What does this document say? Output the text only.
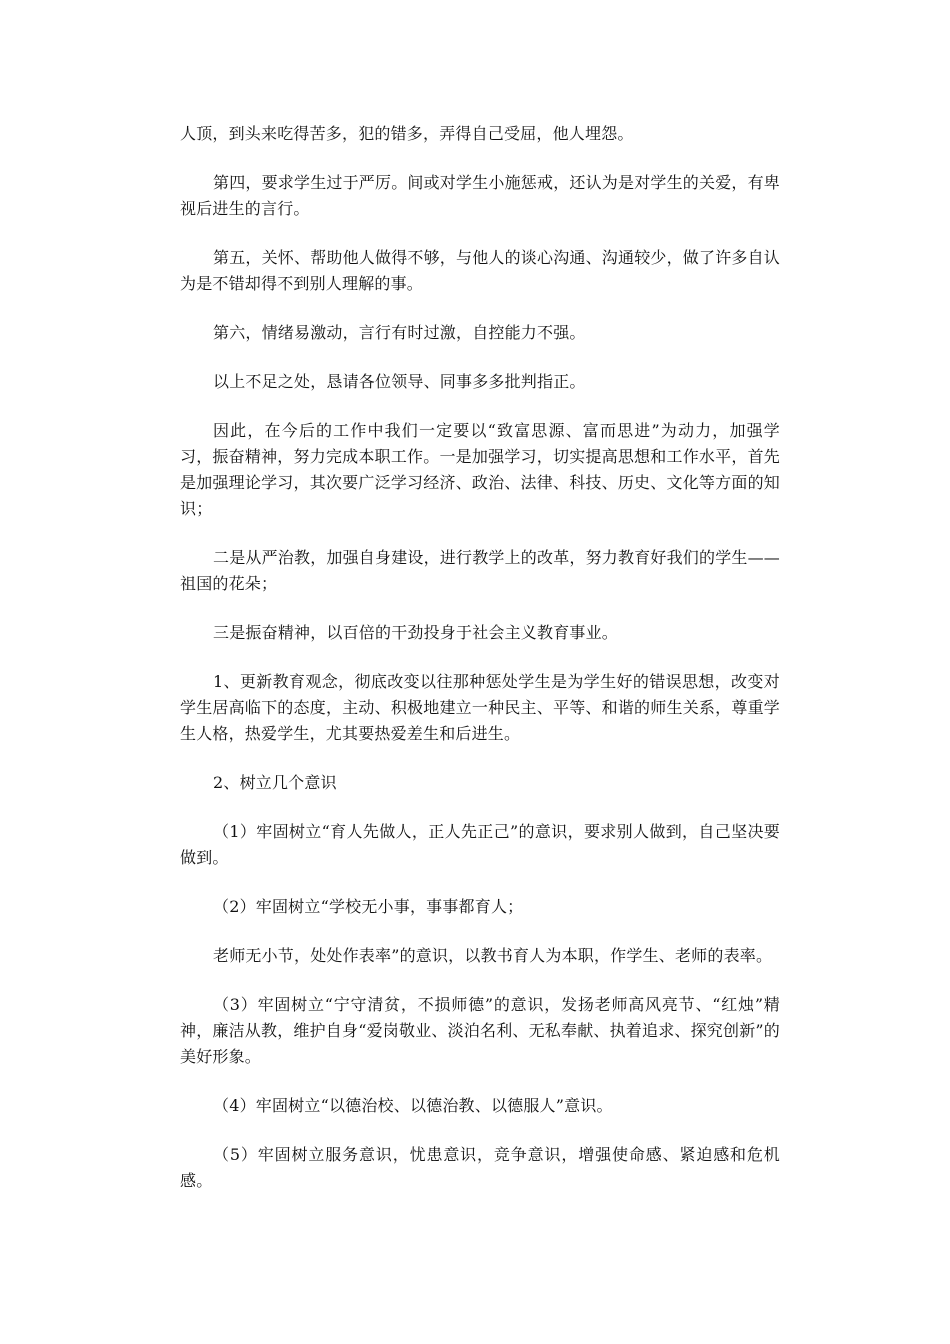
人顶，到头来吃得苦多，犯的错多，弄得自己受屈，他人埋怨。

第四，要求学生过于严厉。间或对学生小施惩戒，还认为是对学生的关爱，有卑视后进生的言行。

第五，关怀、帮助他人做得不够，与他人的谈心沟通、沟通较少，做了许多自认为是不错却得不到别人理解的事。

第六，情绪易激动，言行有时过激，自控能力不强。

以上不足之处，恳请各位领导、同事多多批判指正。

因此，在今后的工作中我们一定要以“致富思源、富而思进”为动力，加强学习，振奋精神，努力完成本职工作。一是加强学习，切实提高思想和工作水平，首先是加强理论学习，其次要广泛学习经济、政治、法律、科技、历史、文化等方面的知识；

二是从严治教，加强自身建设，进行教学上的改革，努力教育好我们的学生——祖国的花朵；

三是振奋精神，以百倍的干劲投身于社会主义教育事业。

1、更新教育观念，彻底改变以往那种惩处学生是为学生好的错误思想，改变对学生居高临下的态度，主动、积极地建立一种民主、平等、和谐的师生关系，尊重学生人格，热爱学生，尤其要热爱差生和后进生。

2、树立几个意识

（1）牢固树立“育人先做人，正人先正己”的意识，要求别人做到，自己坚决要做到。

（2）牢固树立“学校无小事，事事都育人；

老师无小节，处处作表率”的意识，以教书育人为本职，作学生、老师的表率。

（3）牢固树立“宁守清贫，不损师德”的意识，发扬老师高风亮节、“红烛”精神，廉洁从教，维护自身“爱岗敬业、淡泊名利、无私奉献、执着追求、探究创新”的美好形象。

（4）牢固树立“以德治校、以德治教、以德服人”意识。

（5）牢固树立服务意识，忧患意识，竞争意识，增强使命感、紧迫感和危机感。
